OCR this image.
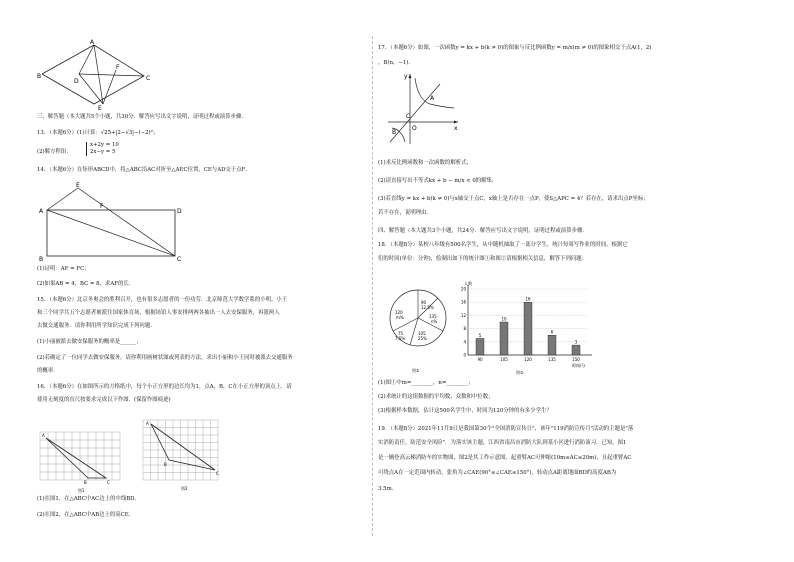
A
B	C
D
F
E
三、解答题（本大题共5个小题，共30分．解答应写出文字说明，证明过程或演算步骤．
13．（本题6分）(1)计算：√25+|2−√3|−(−2)⁰；
(2)解方程组：
x+2y = 10
2x−y = 5
14．（本题6分）在矩形ABCD中，将△ABC沿AC对折至△AEC位置，CE与AD交于点F．
E
A
F
D
B	C
(1)证明：AF = FC；
(2)如果AB = 4，BC = 8，求AF的长．
15．（本题6分）北京冬奥会的胜利召开，也有很多志愿者的一份功劳．北京师范大学数学系的小明、小王
和三个同学共五个志愿者被派往国家体育场，根据场馆人事安排两两各抽出一人去安保服务，再派两人
去做交通服务．请你利用所学知识完成下列问题．
(1)小丽被派去做安保服务的概率是______；
(2)若确定了一位同学去做安保服务，请你利用画树状图或列表的方法，求出小丽和小王同时被派去交通服务
的概率．
16．（本题6分）在如图所示的方格纸中，每个小正方形的边长均为1，点A，B，C在小正方形的顶点上．请
使用无刻度的直尺按要求完成以下作图．(保留作图痕迹)
A
B	C
图1
A
B
C
图2
(1)在图1，在△ABC中AC边上的中线BD．
(2)在图2，在△ABC中AB边上的高CE．
17．（本题6分）如图，一次函数y = kx + b(k ≠ 0)的图象与反比例函数y = m/x(m ≠ 0)的图象相交于点A(1，2)
，B(n，−1)．
y
A
C
O
B
x
(1)求反比例函数和一次函数的解析式；
(2)请直接写出不等式kx + b − m/x < 0的解集．
(3)若直线y = kx + b(k ≠ 0)与x轴交于点C，x轴上是否存在一点P，使S△APC = 4？若存在，请求出点P坐标；
若不存在，说明理由．
四、解答题（本大题共3个小题，共24分．解答应写出文字说明，证明过程或演算步骤．
18．（本题8分）某校八年级有500名学生，从中随机抽取了一部分学生，统计每周写作业的时间，根据它
们的时间(单位：分钟)，绘制出如下的统计图①和图②请根据相关信息，解答下列问题：
90
12.5%
135
n%
105
25%
120
m%
75
7.5%
图①
人数
时间/分
图②
0
4
8
12
16
20
5
90
10
105
16
120
6
135
3
150
(1)图①中m=________，n=________；
(2)求统计的这组数据的平均数、众数和中位数；
(3)根据样本数据，估计这500名学生中，时间为120分钟的有多少学生？
19．（本题8分）2021年11月9日是我国第30个"全国消防宣传日"，该年"119消防宣传月"活动的主题是"落
实消防责任，防范安全风险"．为落实该主题，江西省南昌市消防大队到某小区进行消防演习．已知，图1
是一辆登高云梯消防车的实物图，图2是其工作示意图，起重臂AC可伸缩(10m≤AC≤20m)，且起重臂AC
可绕点A在一定范围内转动，张角为∠CAE(90°≤∠CAE≤150°)，转动点A距离地面BD的高度AB为
3.5m．
